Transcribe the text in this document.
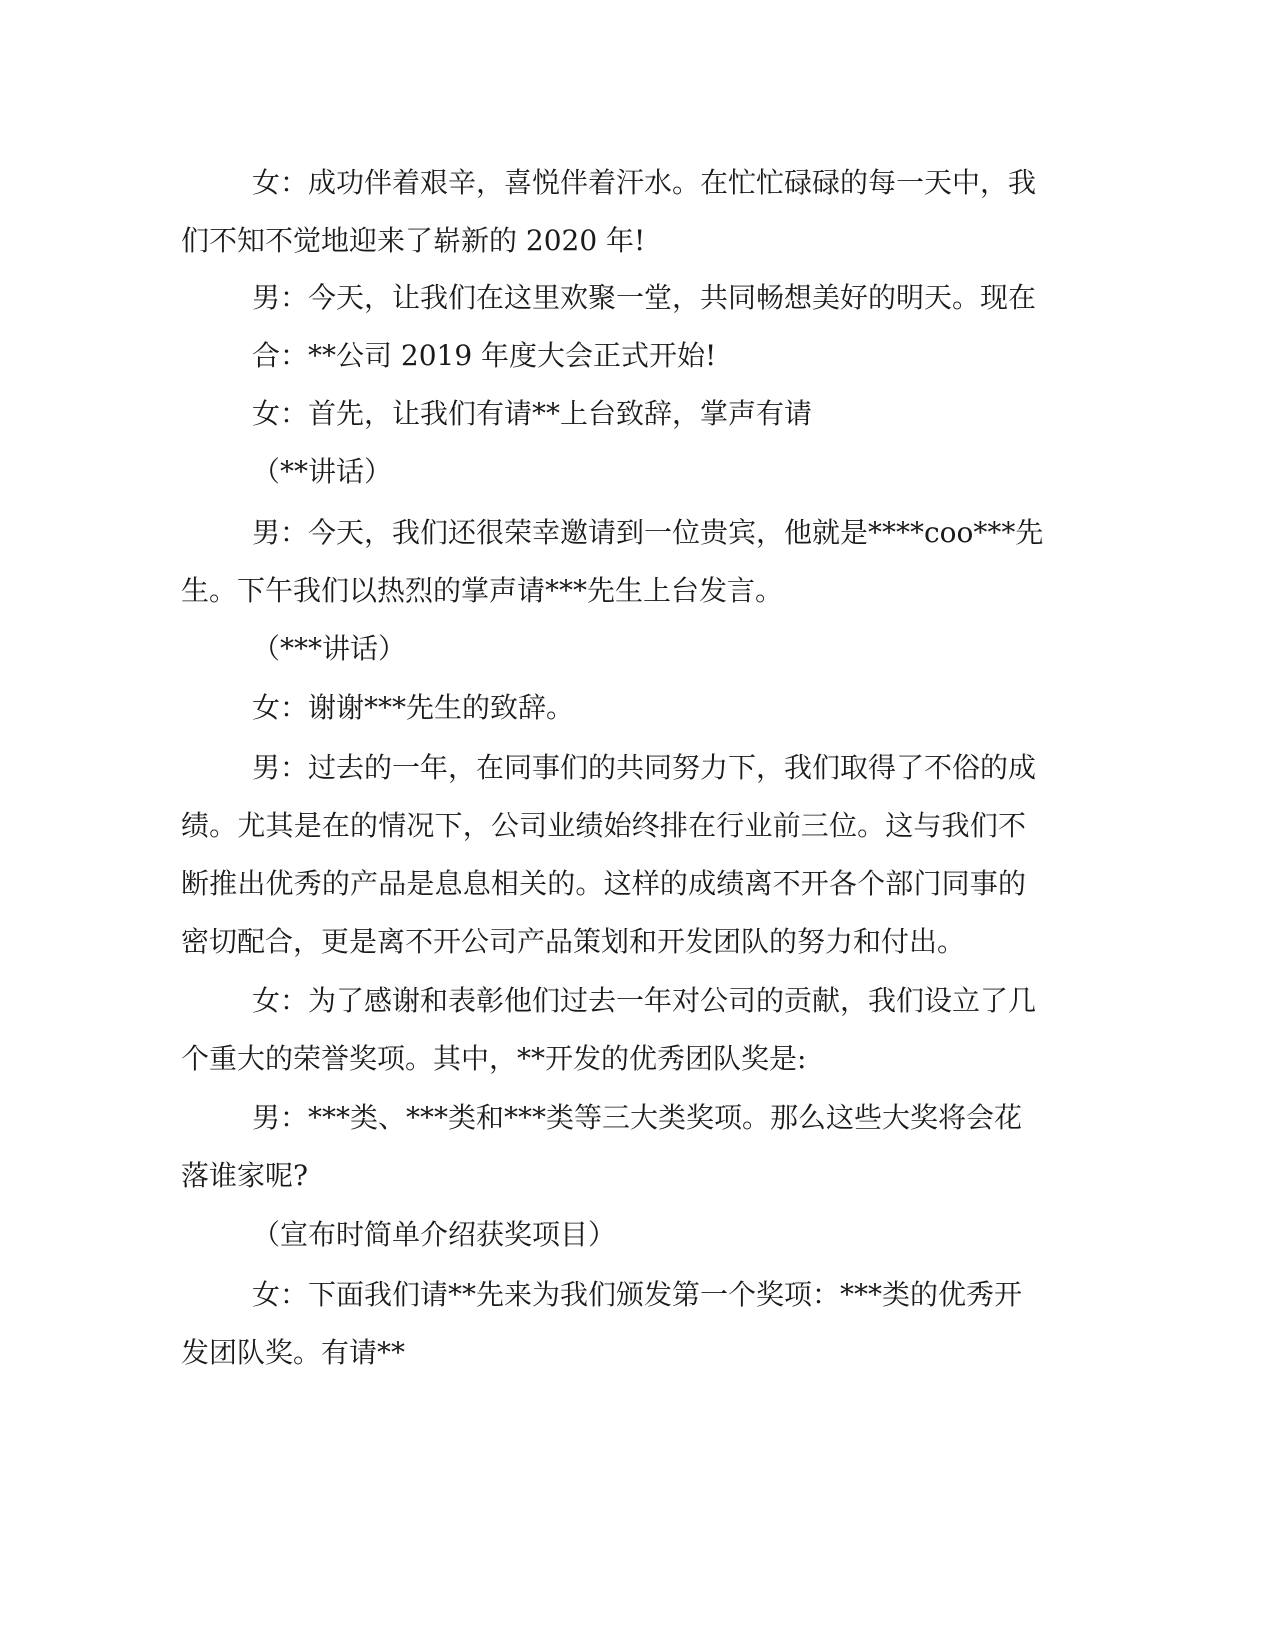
女：成功伴着艰辛，喜悦伴着汗水。在忙忙碌碌的每一天中，我
们不知不觉地迎来了崭新的 2020 年!
男：今天，让我们在这里欢聚一堂，共同畅想美好的明天。现在
合：**公司 2019 年度大会正式开始!
女：首先，让我们有请**上台致辞，掌声有请
（**讲话）
男：今天，我们还很荣幸邀请到一位贵宾，他就是****coo***先
生。下午我们以热烈的掌声请***先生上台发言。
（***讲话）
女：谢谢***先生的致辞。
男：过去的一年，在同事们的共同努力下，我们取得了不俗的成
绩。尤其是在的情况下，公司业绩始终排在行业前三位。这与我们不
断推出优秀的产品是息息相关的。这样的成绩离不开各个部门同事的
密切配合，更是离不开公司产品策划和开发团队的努力和付出。
女：为了感谢和表彰他们过去一年对公司的贡献，我们设立了几
个重大的荣誉奖项。其中，**开发的优秀团队奖是:
男：***类、***类和***类等三大类奖项。那么这些大奖将会花
落谁家呢?
（宣布时简单介绍获奖项目）
女：下面我们请**先来为我们颁发第一个奖项：***类的优秀开
发团队奖。有请**
